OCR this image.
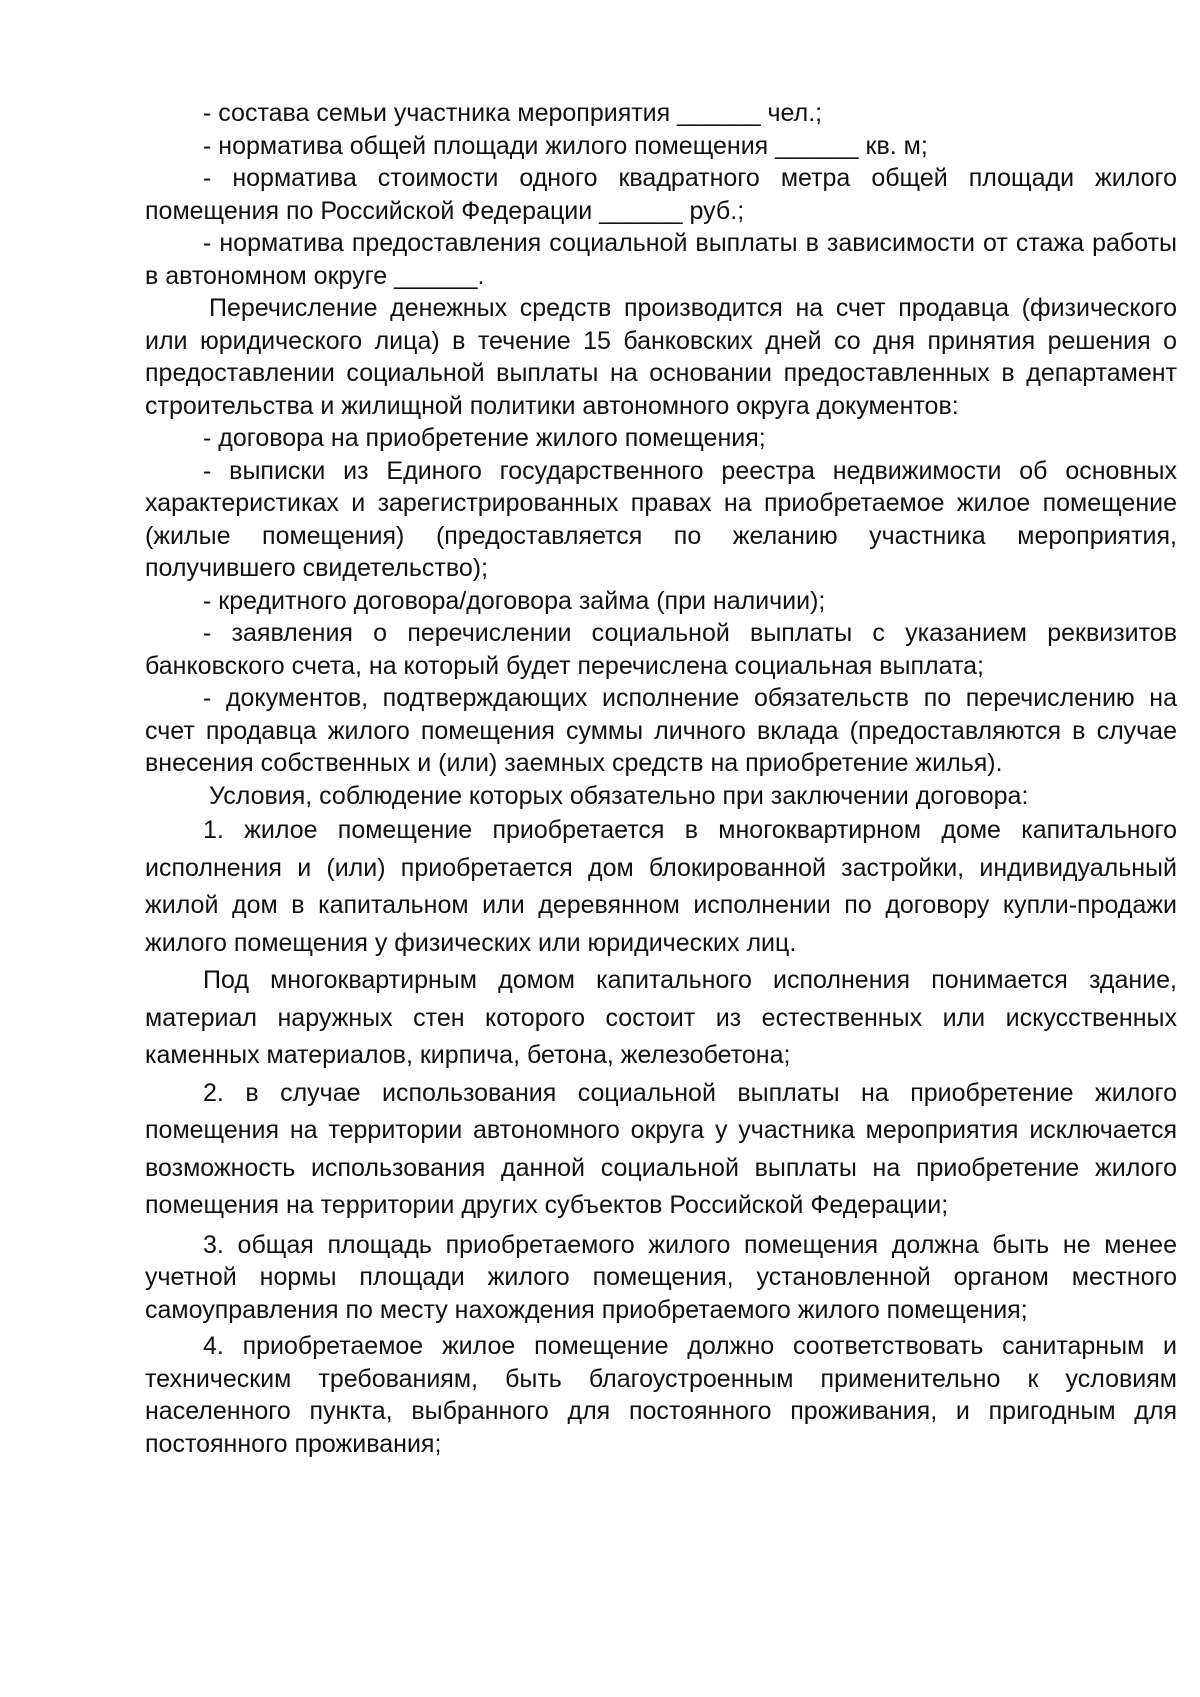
- состава семьи участника мероприятия ______ чел.;

- норматива общей площади жилого помещения ______ кв. м;

- норматива стоимости одного квадратного метра общей площади жилого помещения по Российской Федерации ______ руб.;

- норматива предоставления социальной выплаты в зависимости от стажа работы в автономном округе ______.

Перечисление денежных средств производится на счет продавца (физического или юридического лица) в течение 15 банковских дней со дня принятия решения о предоставлении социальной выплаты на основании предоставленных в департамент строительства и жилищной политики автономного округа документов:

- договора на приобретение жилого помещения;

- выписки из Единого государственного реестра недвижимости об основных характеристиках и зарегистрированных правах на приобретаемое жилое помещение (жилые помещения) (предоставляется по желанию участника мероприятия, получившего свидетельство);

- кредитного договора/договора займа (при наличии);

- заявления о перечислении социальной выплаты с указанием реквизитов банковского счета, на который будет перечислена социальная выплата;

- документов, подтверждающих исполнение обязательств по перечислению на счет продавца жилого помещения суммы личного вклада (предоставляются в случае внесения собственных и (или) заемных средств на приобретение жилья).

Условия, соблюдение которых обязательно при заключении договора:

1. жилое помещение приобретается в многоквартирном доме капитального исполнения и (или) приобретается дом блокированной застройки, индивидуальный жилой дом в капитальном или деревянном исполнении по договору купли-продажи жилого помещения у физических или юридических лиц.

Под многоквартирным домом капитального исполнения понимается здание, материал наружных стен которого состоит из естественных или искусственных каменных материалов, кирпича, бетона, железобетона;

2. в случае использования социальной выплаты на приобретение жилого помещения на территории автономного округа у участника мероприятия исключается возможность использования данной социальной выплаты на приобретение жилого помещения на территории других субъектов Российской Федерации;

3. общая площадь приобретаемого жилого помещения должна быть не менее учетной нормы площади жилого помещения, установленной органом местного самоуправления по месту нахождения приобретаемого жилого помещения;

4. приобретаемое жилое помещение должно соответствовать санитарным и техническим требованиям, быть благоустроенным применительно к условиям населенного пункта, выбранного для постоянного проживания, и пригодным для постоянного проживания;
